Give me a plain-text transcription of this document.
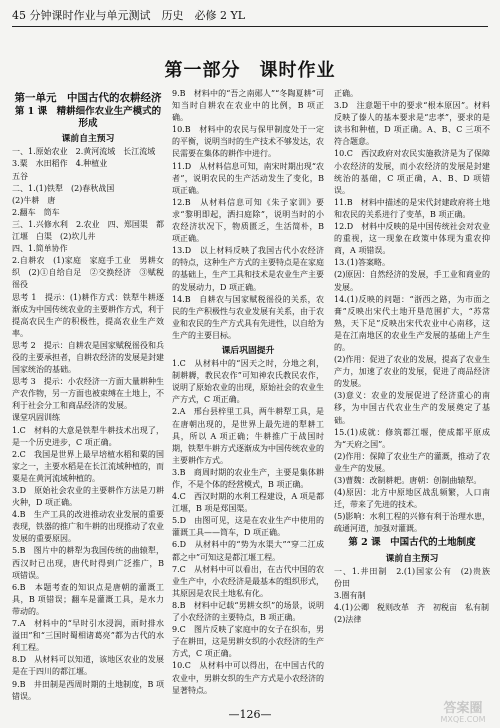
45 分钟课时作业与单元测试　历史　必修 2 YL
第一部分　课时作业
第一单元　中国古代的农耕经济
第 1 课　精耕细作农业生产模式的形成
课前自主预习

一、1.原始农业　2.黄河流域　长江流域

3.粟　水田稻作　4.种植业

五谷

二、1.(1)铁犁　(2)春秋战国

(2)牛耕　唐

2.翻车　筒车

三、1.兴修水利　2.农业　四、郑国渠　都江堰　白渠　(2)坎儿井

四、1.简单协作

2.自耕农　(1)家庭　家庭手工业　男耕女织　(2)①自给自足　②交换经济　③赋税徭役

思考 1　提示：(1)耕作方式：铁犁牛耕逐渐成为中国传统农业的主要耕作方式，利于提高农民生产的积极性，提高农业生产效率。

思考 2　提示：自耕农是国家赋税徭役和兵役的主要承担者，自耕农经济的发展是封建国家统治的基础。

思考 3　提示：小农经济一方面大量耕种生产农作物，另一方面也被束缚在土地上，不利于社会分工和商品经济的发展。

课堂巩固训练

1.C　材料的大意是铁犁牛耕技术出现了，是一个历史进步，C 项正确。

2.C　我国是世界上最早培植水稻和粟的国家之一，主要水稻是在长江流域种植的，而粟是在黄河流域种植的。

3.D　原始社会农业的主要耕作方法是刀耕火种，D 项正确。

4.B　生产工具的改进推动农业发展的重要表现，铁器的推广和牛耕的出现推动了农业发展的重要原因。

5.B　图片中的耕犁为我国传统的曲辕犁，西汉时已出现，唐代时得到广泛推广，B 项错误。

6.B　本题考查的知识点是唐朝的灌溉工具，B 项错误；翻车是灌溉工具，是水力带动的。

7.A　材料中的“早时引水浸润，雨时排水溢田”和“三国时蜀相诸葛亮”都为古代的水利工程。

8.D　从材料可以知道，该地区农业的发展是在于四川的都江堰。

9.B　井田制是西周时期的土地制度，B 项错误。

9.B　材料中的“吾之南郧人”“冬陶夏耕”可知当时自耕农在农业中的比例，B 项正确。

10.B　材料中的农民与保甲制度处于一定的平衡，说明当时的生产技术不够发达，农民需要在集体的耕作中进行。

11.D　从材料信息可知，南宋时期出现“农者”，说明农民的生产活动发生了变化，B 项正确。

12.B　从材料信息可知《朱子家训》要求“黎明即起，洒扫庭除”，说明当时的小农经济状况下，物质匮乏，生活简朴，B 项正确。

13.D　以上材料反映了我国古代小农经济的特点，这种生产方式的主要特点是在家庭的基础上，生产工具和技术是农业生产主要的发展动力，D 项正确。

14.B　自耕农与国家赋税徭役的关系，农民的生产积极性与农业发展有关系，由于农业和农民的生产方式具有先进性，以自给为生产的主要目标。

课后巩固提升

1.C　从材料中的“因天之时，分地之利，制耕耨，教民农作”可知神农氏教民农作，说明了原始农业的出现，原始社会的农业生产方式，C 项正确。

2.A　邢台县梓里工具，两牛耕犁工具，是在唐朝出现的，是世界上最先进的犁耕工具，所以 A 项正确；牛耕推广于战国时期，铁犁牛耕方式逐渐成为中国传统农业的主要耕作方式。

3.B　商周时期的农业生产，主要是集体耕作，不是个体的经营模式，B 项正确。

4.C　西汉时期的水利工程建设，A 项是都江堰，B 项是郑国渠。

5.D　由图可见，这是在农业生产中使用的灌溉工具——筒车，D 项正确。

6.D　从材料中的“势为水渠大”“穿二江成都之中”可知这是都江堰工程。

7.C　从材料中可以看出，在古代中国的农业生产中，小农经济是最基本的组织形式，其原因是农民土地私有化。

8.B　材料中记载“男耕女织”的场景，说明了小农经济的主要特点，B 项正确。

9.C　图片反映了家庭中的女子在织布，男子在耕田，这是男耕女织的小农经济的生产方式，C 项正确。

10.C　从材料中可以得出，在中国古代的农业中，男耕女织的生产方式是小农经济的显著特点。

正确。

3.D　注意题干中的要求“根本原因”。材料反映了傣人的基本要求是“忠孝”，要求的是读书和种植，D 项正确。A、B、C 三项不符合题意。

10.C　西汉政府对农民实施救济是为了保障小农经济的发展，而小农经济的发展是封建统治的基础，C 项正确，A、B、D 项错误。

11.B　材料中描述的是宋代封建政府将土地和农民的关系进行了变革，B 项正确。

12.D　材料中反映的是中国传统社会对农业的重视，这一现象在政策中体现为重农抑商，A 项错误。

13.(1)答案略。

(2)原因：自然经济的发展，手工业和商业的发展。

14.(1)反映的问题：“浙西之路，为市面之膏”反映出宋代土地开垦范围扩大，“苏常熟，天下足”反映出宋代农业中心南移，这是在江南地区的农业生产发展的基础上产生的。

(2)作用：促进了农业的发展，提高了农业生产力，加速了农业的发展，促进了商品经济的发展。

(3)意义：农业的发展促进了经济重心的南移，为中国古代农业生产的发展奠定了基础。

15.(1)成就：修筑都江堰，使成都平原成为“天府之国”。

(2)作用：保障了农业生产的灌溉，推动了农业生产的发展。

(3)曹魏：改制耕耙。唐朝：创制曲辕犁。

(4)原因：北方中原地区战乱频繁，人口南迁，带来了先进的技术。

(5)影响：水利工程的兴修有利于治理水患，疏通河道，加强对灌溉。

第 2 课　中国古代的土地制度
课前自主预习

一、1.井田制　2.(1)国家公有　(2)贵族　份田

3.圈有制

4.(1)公卿　税则改革　齐　初税亩　私有制

(2)法律

—126—	答案圈
MXQE.COM
